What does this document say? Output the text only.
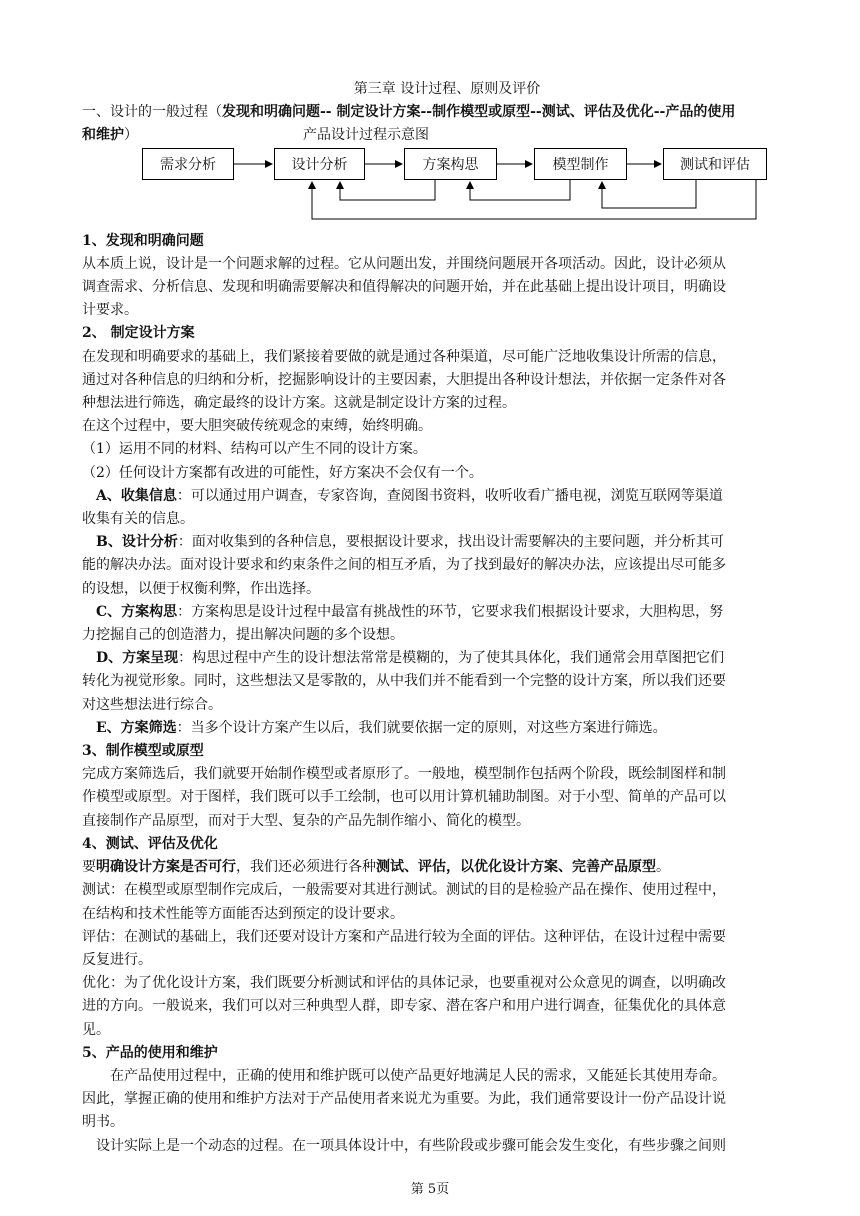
第三章 设计过程、原则及评价

一、设计的一般过程（发现和明确问题-- 制定设计方案--制作模型或原型--测试、评估及优化--产品的使用

和维护）	产品设计过程示意图

需求分析	设计分析	方案构思	模型制作	测试和评估

1、发现和明确问题

从本质上说，设计是一个问题求解的过程。它从问题出发，并围绕问题展开各项活动。因此，设计必须从

调查需求、分析信息、发现和明确需要解决和值得解决的问题开始，并在此基础上提出设计项目，明确设

计要求。

2、 制定设计方案

在发现和明确要求的基础上，我们紧接着要做的就是通过各种渠道，尽可能广泛地收集设计所需的信息，

通过对各种信息的归纳和分析，挖掘影响设计的主要因素，大胆提出各种设计想法，并依据一定条件对各

种想法进行筛选，确定最终的设计方案。这就是制定设计方案的过程。

在这个过程中，要大胆突破传统观念的束缚，始终明确。

（1）运用不同的材料、结构可以产生不同的设计方案。

（2）任何设计方案都有改进的可能性，好方案决不会仅有一个。

A、收集信息：可以通过用户调查，专家咨询，查阅图书资料，收听收看广播电视，浏览互联网等渠道

收集有关的信息。

B、设计分析：面对收集到的各种信息，要根据设计要求，找出设计需要解决的主要问题，并分析其可

能的解决办法。面对设计要求和约束条件之间的相互矛盾，为了找到最好的解决办法，应该提出尽可能多

的设想，以便于权衡利弊，作出选择。

C、方案构思：方案构思是设计过程中最富有挑战性的环节，它要求我们根据设计要求，大胆构思，努

力挖掘自己的创造潜力，提出解决问题的多个设想。

D、方案呈现：构思过程中产生的设计想法常常是模糊的，为了使其具体化，我们通常会用草图把它们

转化为视觉形象。同时，这些想法又是零散的，从中我们并不能看到一个完整的设计方案，所以我们还要

对这些想法进行综合。

E、方案筛选：当多个设计方案产生以后，我们就要依据一定的原则，对这些方案进行筛选。

3、制作模型或原型

完成方案筛选后，我们就要开始制作模型或者原形了。一般地，模型制作包括两个阶段，既绘制图样和制

作模型或原型。对于图样，我们既可以手工绘制，也可以用计算机辅助制图。对于小型、简单的产品可以

直接制作产品原型，而对于大型、复杂的产品先制作缩小、简化的模型。

4、测试、评估及优化

要明确设计方案是否可行，我们还必须进行各种测试、评估，以优化设计方案、完善产品原型。

测试：在模型或原型制作完成后，一般需要对其进行测试。测试的目的是检验产品在操作、使用过程中，

在结构和技术性能等方面能否达到预定的设计要求。

评估：在测试的基础上，我们还要对设计方案和产品进行较为全面的评估。这种评估，在设计过程中需要

反复进行。

优化：为了优化设计方案，我们既要分析测试和评估的具体记录，也要重视对公众意见的调查，以明确改

进的方向。一般说来，我们可以对三种典型人群，即专家、潜在客户和用户进行调查，征集优化的具体意

见。

5、产品的使用和维护

在产品使用过程中，正确的使用和维护既可以使产品更好地满足人民的需求，又能延长其使用寿命。

因此，掌握正确的使用和维护方法对于产品使用者来说尤为重要。为此，我们通常要设计一份产品设计说

明书。

设计实际上是一个动态的过程。在一项具体设计中，有些阶段或步骤可能会发生变化，有些步骤之间则

第 5页
